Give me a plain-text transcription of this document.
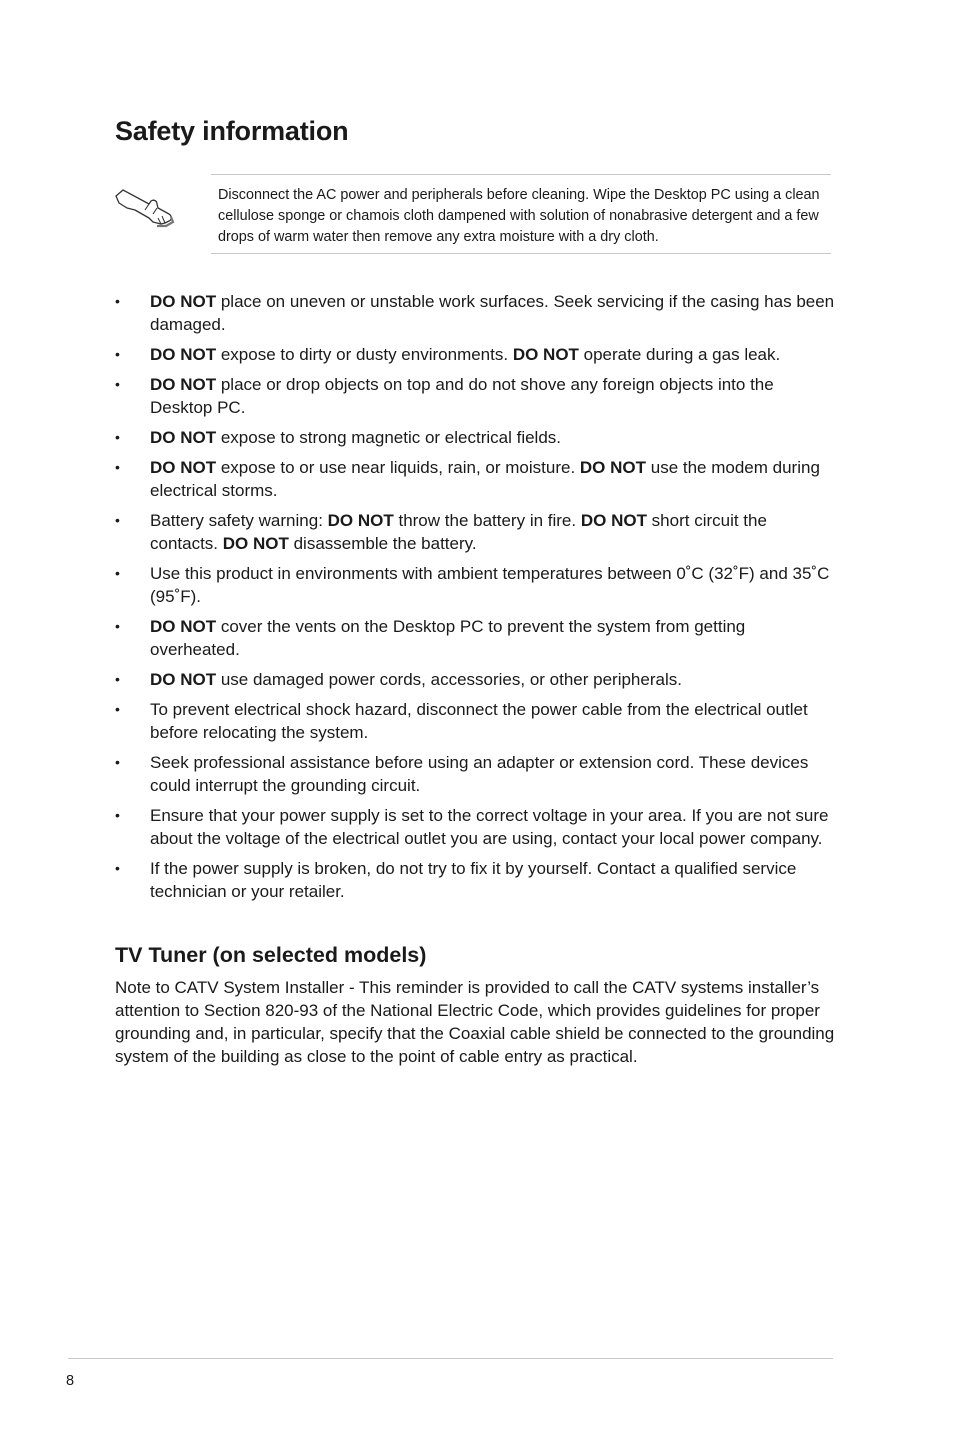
Safety information

Disconnect the AC power and peripherals before cleaning. Wipe the Desktop PC using a clean cellulose sponge or chamois cloth dampened with solution of nonabrasive detergent and a few drops of warm water then remove any extra moisture with a dry cloth.

• DO NOT place on uneven or unstable work surfaces. Seek servicing if the casing has been damaged.
• DO NOT expose to dirty or dusty environments. DO NOT operate during a gas leak.
• DO NOT place or drop objects on top and do not shove any foreign objects into the Desktop PC.
• DO NOT expose to strong magnetic or electrical fields.
• DO NOT expose to or use near liquids, rain, or moisture. DO NOT use the modem during electrical storms.
• Battery safety warning: DO NOT throw the battery in fire. DO NOT short circuit the contacts. DO NOT disassemble the battery.
• Use this product in environments with ambient temperatures between 0˚C (32˚F) and 35˚C (95˚F).
• DO NOT cover the vents on the Desktop PC to prevent the system from getting overheated.
• DO NOT use damaged power cords, accessories, or other peripherals.
• To prevent electrical shock hazard, disconnect the power cable from the electrical outlet before relocating the system.
• Seek professional assistance before using an adapter or extension cord. These devices could interrupt the grounding circuit.
• Ensure that your power supply is set to the correct voltage in your area. If you are not sure about the voltage of the electrical outlet you are using, contact your local power company.
• If the power supply is broken, do not try to fix it by yourself. Contact a qualified service technician or your retailer.
TV Tuner (on selected models)

Note to CATV System Installer - This reminder is provided to call the CATV systems installer’s attention to Section 820-93 of the National Electric Code, which provides guidelines for proper grounding and, in particular, specify that the Coaxial cable shield be connected to the grounding system of the building as close to the point of cable entry as practical.

8
